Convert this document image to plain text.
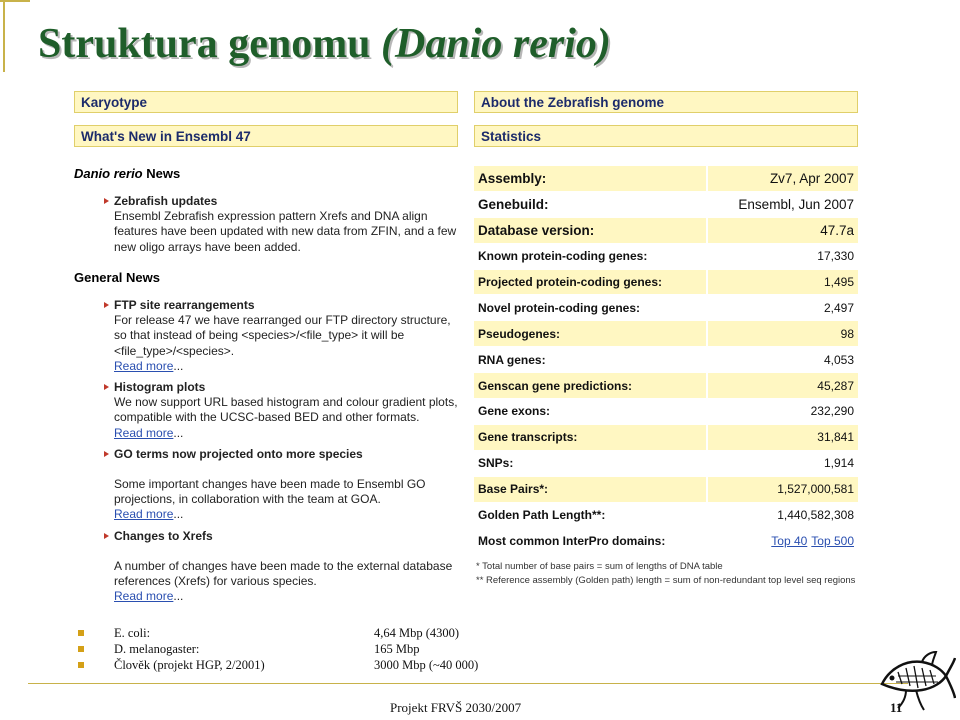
Struktura genomu (Danio rerio)
Karyotype	About the Zebrafish genome
What's New in Ensembl 47	Statistics
Danio rerio News
Zebrafish updates
Ensembl Zebrafish expression pattern Xrefs and DNA align features have been updated with new data from ZFIN, and a few new oligo arrays have been added.
General News
FTP site rearrangements
For release 47 we have rearranged our FTP directory structure, so that instead of being <species>/<file_type> it will be <file_type>/<species>.
Read more...
Histogram plots
We now support URL based histogram and colour gradient plots, compatible with the UCSC-based BED and other formats.
Read more...
GO terms now projected onto more species
Some important changes have been made to Ensembl GO projections, in collaboration with the team at GOA.
Read more...
Changes to Xrefs
A number of changes have been made to the external database references (Xrefs) for various species.
Read more...
Assembly:	Zv7, Apr 2007
Genebuild:	Ensembl, Jun 2007
Database version:	47.7a
Known protein-coding genes:	17,330
Projected protein-coding genes:	1,495
Novel protein-coding genes:	2,497
Pseudogenes:	98
RNA genes:	4,053
Genscan gene predictions:	45,287
Gene exons:	232,290
Gene transcripts:	31,841
SNPs:	1,914
Base Pairs*:	1,527,000,581
Golden Path Length**:	1,440,582,308
Most common InterPro domains:	Top 40 Top 500
* Total number of base pairs = sum of lengths of DNA table
** Reference assembly (Golden path) length = sum of non-redundant top level seq regions
E. coli:	4,64 Mbp (4300)
D. melanogaster:	165 Mbp
Člověk (projekt HGP, 2/2001)	3000 Mbp (~40 000)
Projekt FRVŠ 2030/2007	11
